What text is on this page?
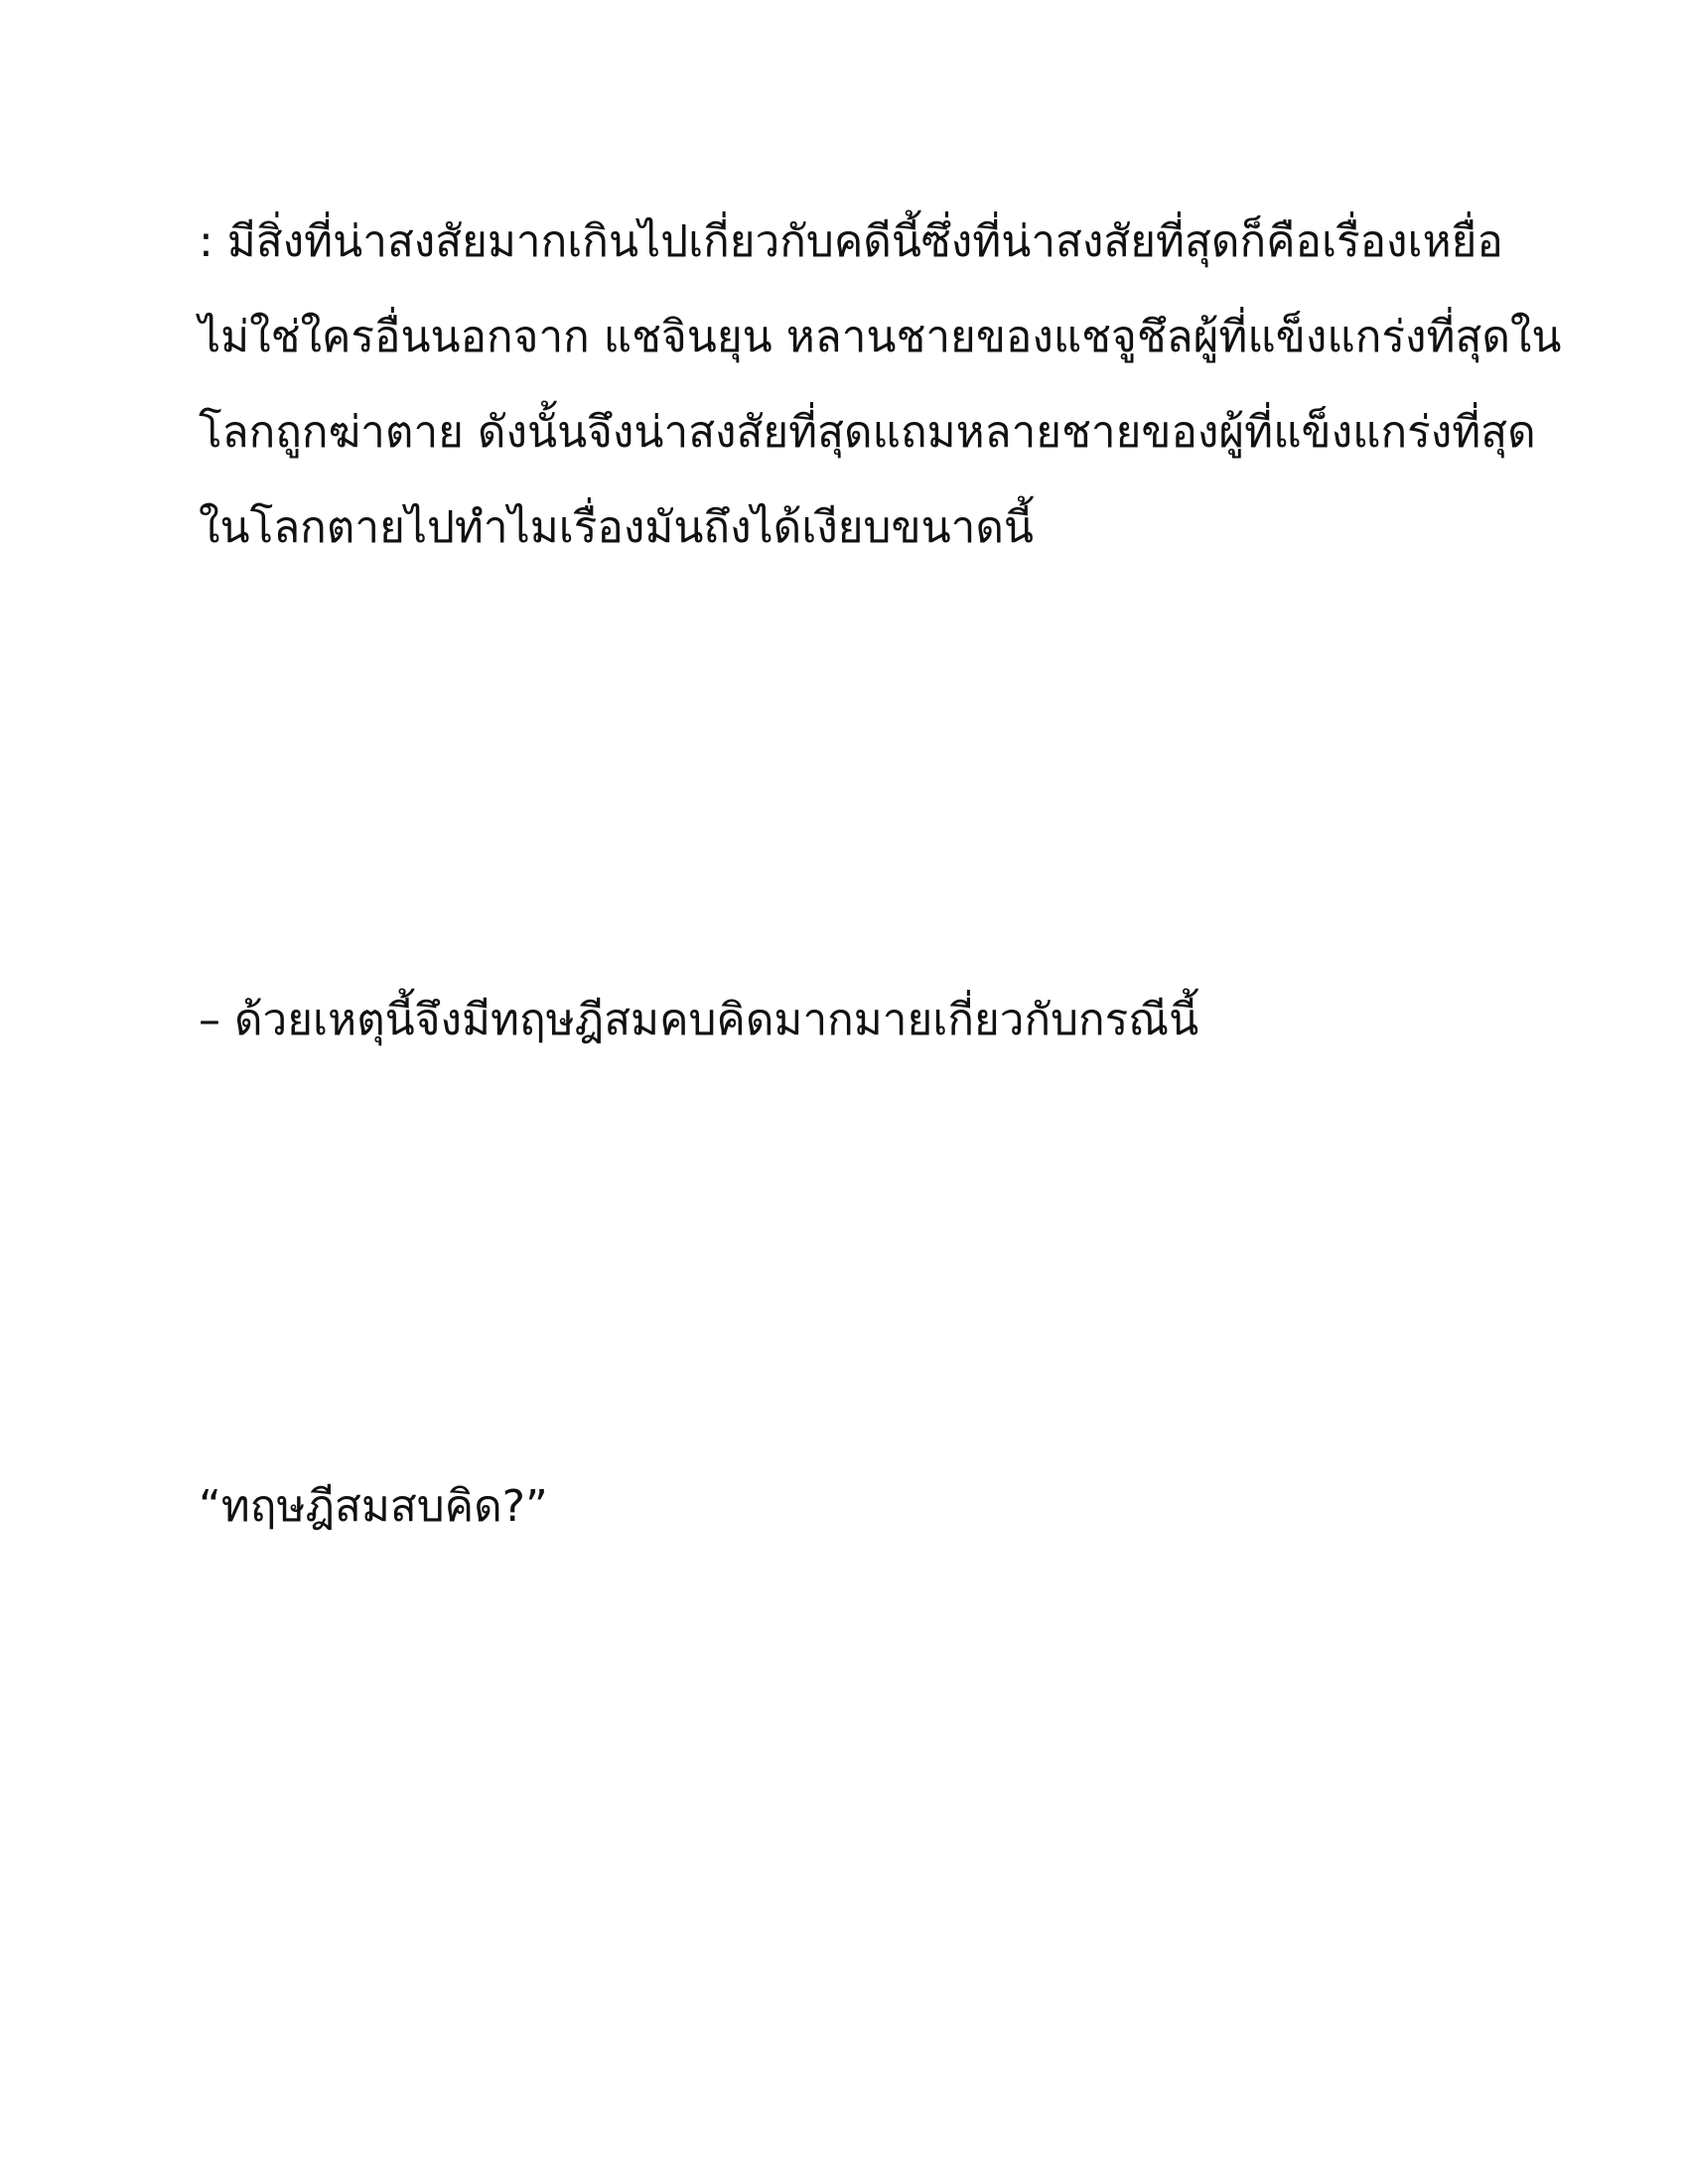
: มีสิ่งที่น่าสงสัยมากเกินไปเกี่ยวกับคดีนี้ซึ่งที่น่าสงสัยที่สุดก็คือเรื่องเหยื่อ
ไม่ใช่ใครอื่นนอกจาก แชจินยุน หลานชายของแชจูชึลผู้ที่แข็งแกร่งที่สุดใน
โลกถูกฆ่าตาย ดังนั้นจึงน่าสงสัยที่สุดแถมหลายชายของผู้ที่แข็งแกร่งที่สุด
ในโลกตายไปทำไมเรื่องมันถึงได้เงียบขนาดนี้

– ด้วยเหตุนี้จึงมีทฤษฎีสมคบคิดมากมายเกี่ยวกับกรณีนี้

“ทฤษฎีสมสบคิด?”
